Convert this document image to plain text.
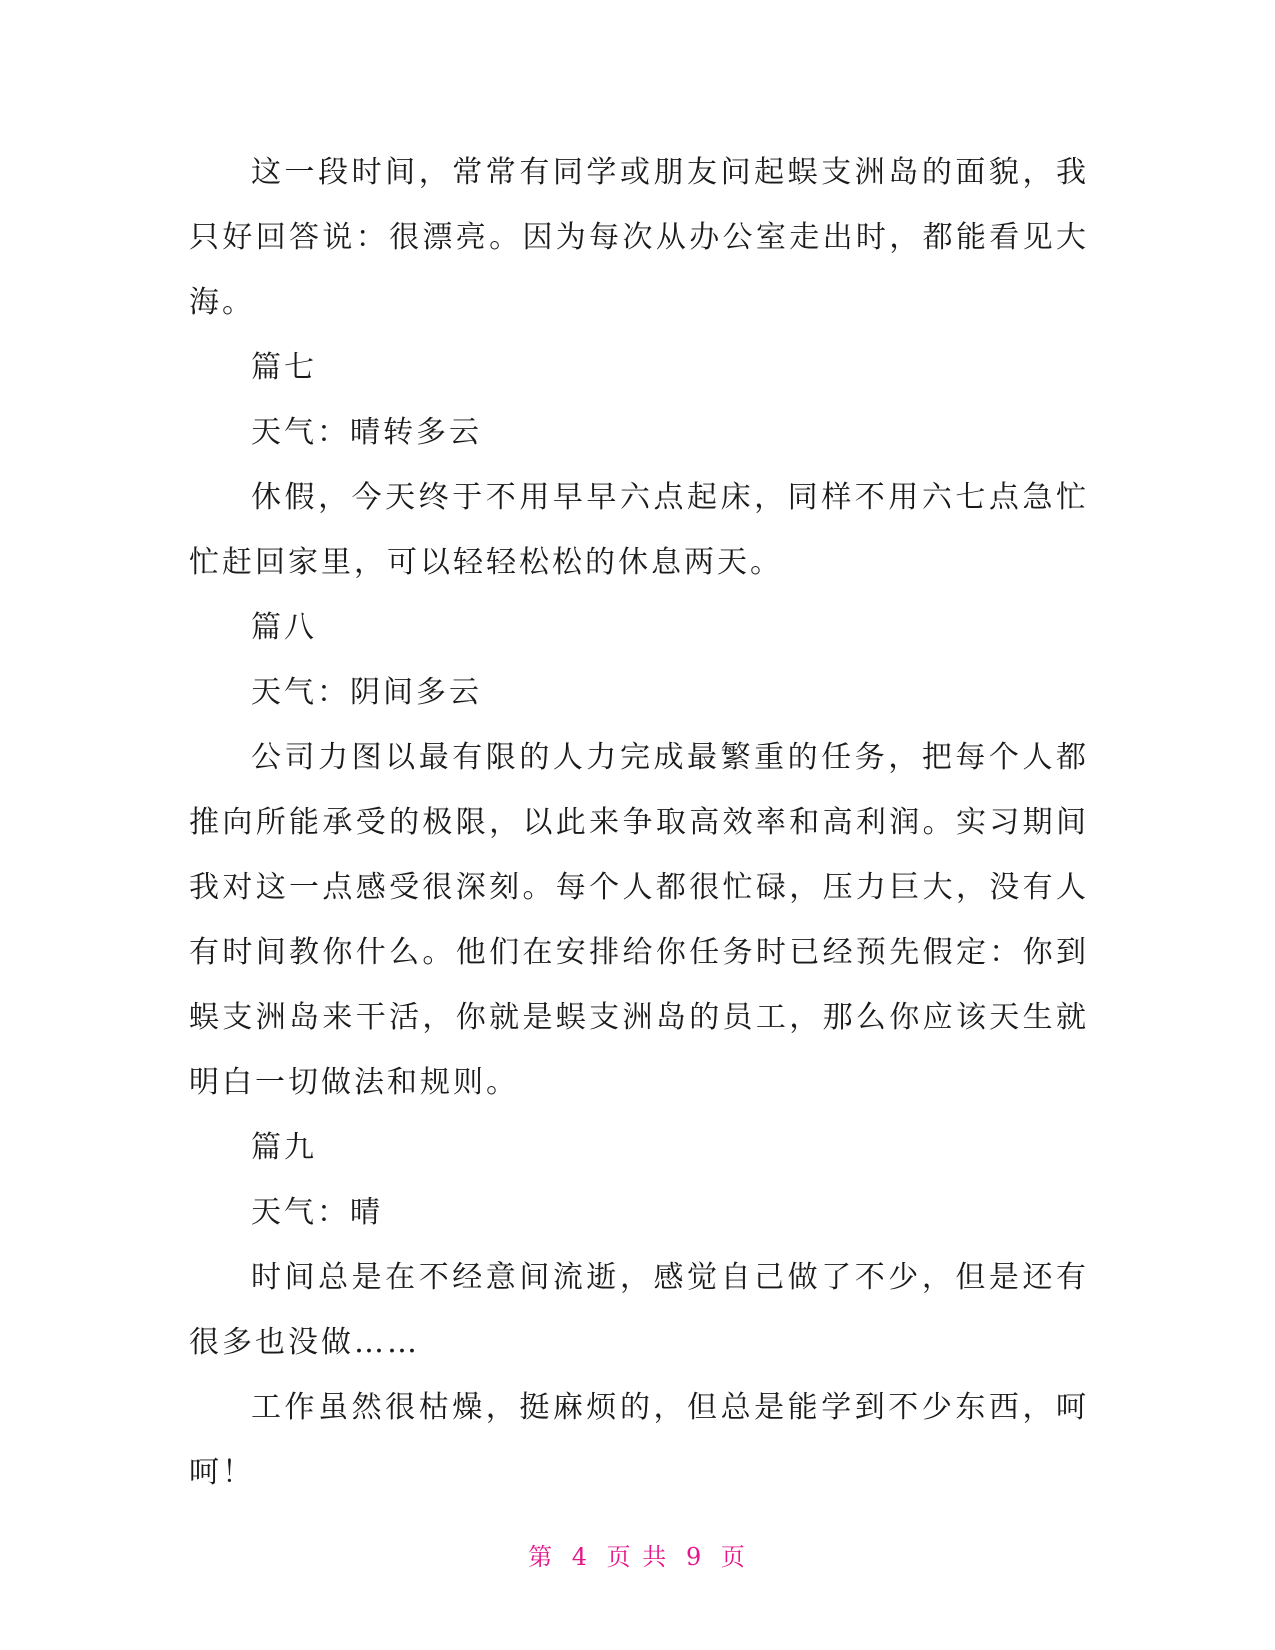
这一段时间，常常有同学或朋友问起蜈支洲岛的面貌，我只好回答说：很漂亮。因为每次从办公室走出时，都能看见大海。

篇七

天气：晴转多云

休假，今天终于不用早早六点起床，同样不用六七点急忙忙赶回家里，可以轻轻松松的休息两天。

篇八

天气：阴间多云

公司力图以最有限的人力完成最繁重的任务，把每个人都推向所能承受的极限，以此来争取高效率和高利润。实习期间我对这一点感受很深刻。每个人都很忙碌，压力巨大，没有人有时间教你什么。他们在安排给你任务时已经预先假定：你到蜈支洲岛来干活，你就是蜈支洲岛的员工，那么你应该天生就明白一切做法和规则。

篇九

天气：晴

时间总是在不经意间流逝，感觉自己做了不少，但是还有很多也没做……

工作虽然很枯燥，挺麻烦的，但总是能学到不少东西，呵呵！

第 4 页 共 9 页
